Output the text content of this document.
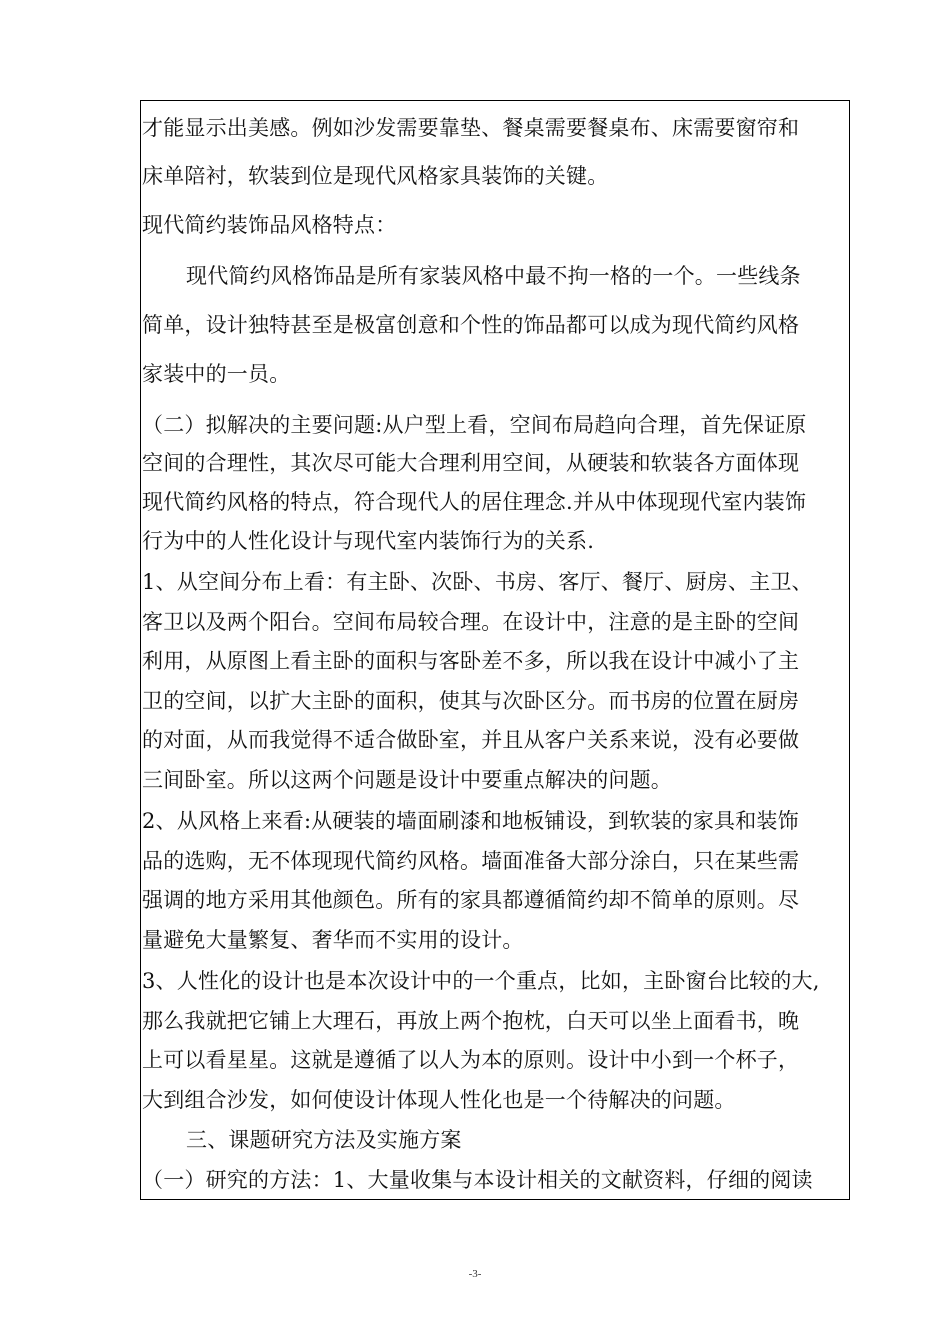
才能显示出美感。例如沙发需要靠垫、餐桌需要餐桌布、床需要窗帘和
床单陪衬，软装到位是现代风格家具装饰的关键。
现代简约装饰品风格特点：
现代简约风格饰品是所有家装风格中最不拘一格的一个。一些线条
简单，设计独特甚至是极富创意和个性的饰品都可以成为现代简约风格
家装中的一员。
（二）拟解决的主要问题:从户型上看，空间布局趋向合理，首先保证原
空间的合理性，其次尽可能大合理利用空间，从硬装和软装各方面体现
现代简约风格的特点，符合现代人的居住理念.并从中体现现代室内装饰
行为中的人性化设计与现代室内装饰行为的关系.
1、从空间分布上看：有主卧、次卧、书房、客厅、餐厅、厨房、主卫、
客卫以及两个阳台。空间布局较合理。在设计中，注意的是主卧的空间
利用，从原图上看主卧的面积与客卧差不多，所以我在设计中减小了主
卫的空间，以扩大主卧的面积，使其与次卧区分。而书房的位置在厨房
的对面，从而我觉得不适合做卧室，并且从客户关系来说，没有必要做
三间卧室。所以这两个问题是设计中要重点解决的问题。
2、从风格上来看:从硬装的墙面刷漆和地板铺设，到软装的家具和装饰
品的选购，无不体现现代简约风格。墙面准备大部分涂白，只在某些需
强调的地方采用其他颜色。所有的家具都遵循简约却不简单的原则。尽
量避免大量繁复、奢华而不实用的设计。
3、人性化的设计也是本次设计中的一个重点，比如，主卧窗台比较的大,
那么我就把它铺上大理石，再放上两个抱枕，白天可以坐上面看书，晚
上可以看星星。这就是遵循了以人为本的原则。设计中小到一个杯子，
大到组合沙发，如何使设计体现人性化也是一个待解决的问题。
三、课题研究方法及实施方案
（一）研究的方法：1、大量收集与本设计相关的文献资料，仔细的阅读
-3-
